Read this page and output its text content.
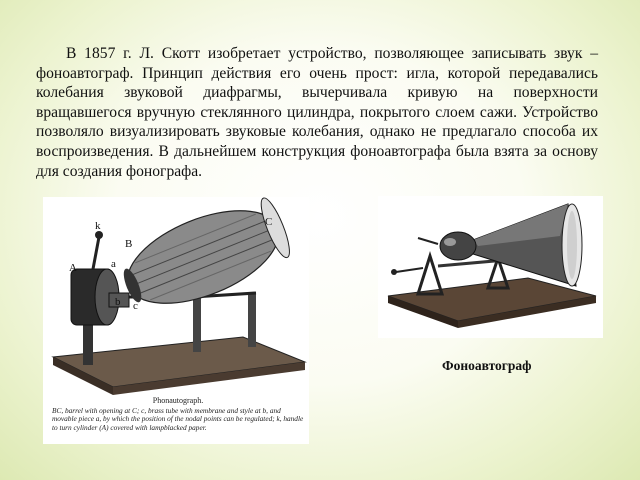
В 1857 г. Л. Скотт изобретает устройство, позволяющее записывать звук – фоноавтограф. Принцип действия его очень прост: игла, которой передавались колебания звуковой диафрагмы, вычерчивала кривую на поверхности вращавшегося вручную стеклянного цилиндра, покрытого слоем сажи. Устройство позволяло визуализировать звуковые колебания, однако не предлагало способа их воспроизведения. В дальнейшем конструкция фоноавтографа была взята за основу для создания фонографа.

k
B
C
A	a
b c
Phonautograph.
BC, barrel with opening at C; c, brass tube with membrane and style at b, and movable piece a, by which the position of the nodal points can be regulated; k, handle to turn cylinder (A) covered with lampblacked paper.
Фоноавтограф
